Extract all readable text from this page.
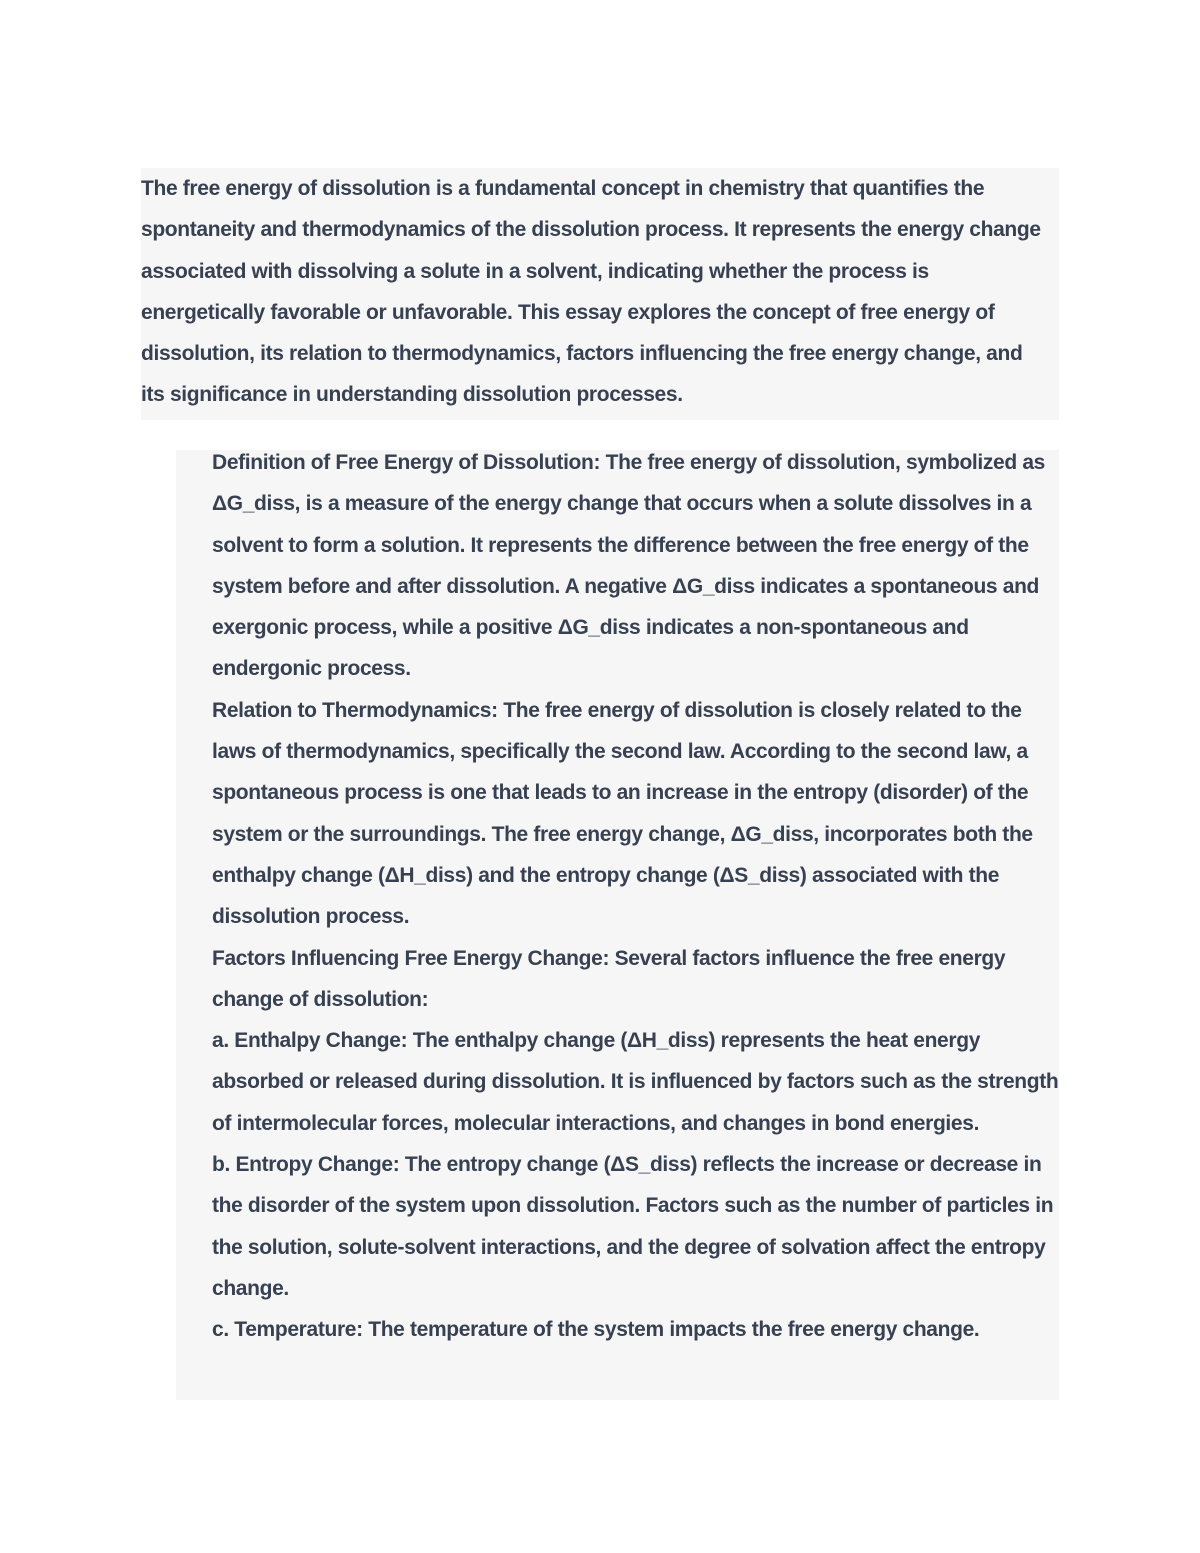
The free energy of dissolution is a fundamental concept in chemistry that quantifies the spontaneity and thermodynamics of the dissolution process. It represents the energy change associated with dissolving a solute in a solvent, indicating whether the process is energetically favorable or unfavorable. This essay explores the concept of free energy of dissolution, its relation to thermodynamics, factors influencing the free energy change, and its significance in understanding dissolution processes.

Definition of Free Energy of Dissolution: The free energy of dissolution, symbolized as ΔG_diss, is a measure of the energy change that occurs when a solute dissolves in a solvent to form a solution. It represents the difference between the free energy of the system before and after dissolution. A negative ΔG_diss indicates a spontaneous and exergonic process, while a positive ΔG_diss indicates a non-spontaneous and endergonic process.

Relation to Thermodynamics: The free energy of dissolution is closely related to the laws of thermodynamics, specifically the second law. According to the second law, a spontaneous process is one that leads to an increase in the entropy (disorder) of the system or the surroundings. The free energy change, ΔG_diss, incorporates both the enthalpy change (ΔH_diss) and the entropy change (ΔS_diss) associated with the dissolution process.

Factors Influencing Free Energy Change: Several factors influence the free energy change of dissolution:

a. Enthalpy Change: The enthalpy change (ΔH_diss) represents the heat energy absorbed or released during dissolution. It is influenced by factors such as the strength of intermolecular forces, molecular interactions, and changes in bond energies.

b. Entropy Change: The entropy change (ΔS_diss) reflects the increase or decrease in the disorder of the system upon dissolution. Factors such as the number of particles in the solution, solute-solvent interactions, and the degree of solvation affect the entropy change.

c. Temperature: The temperature of the system impacts the free energy change.
